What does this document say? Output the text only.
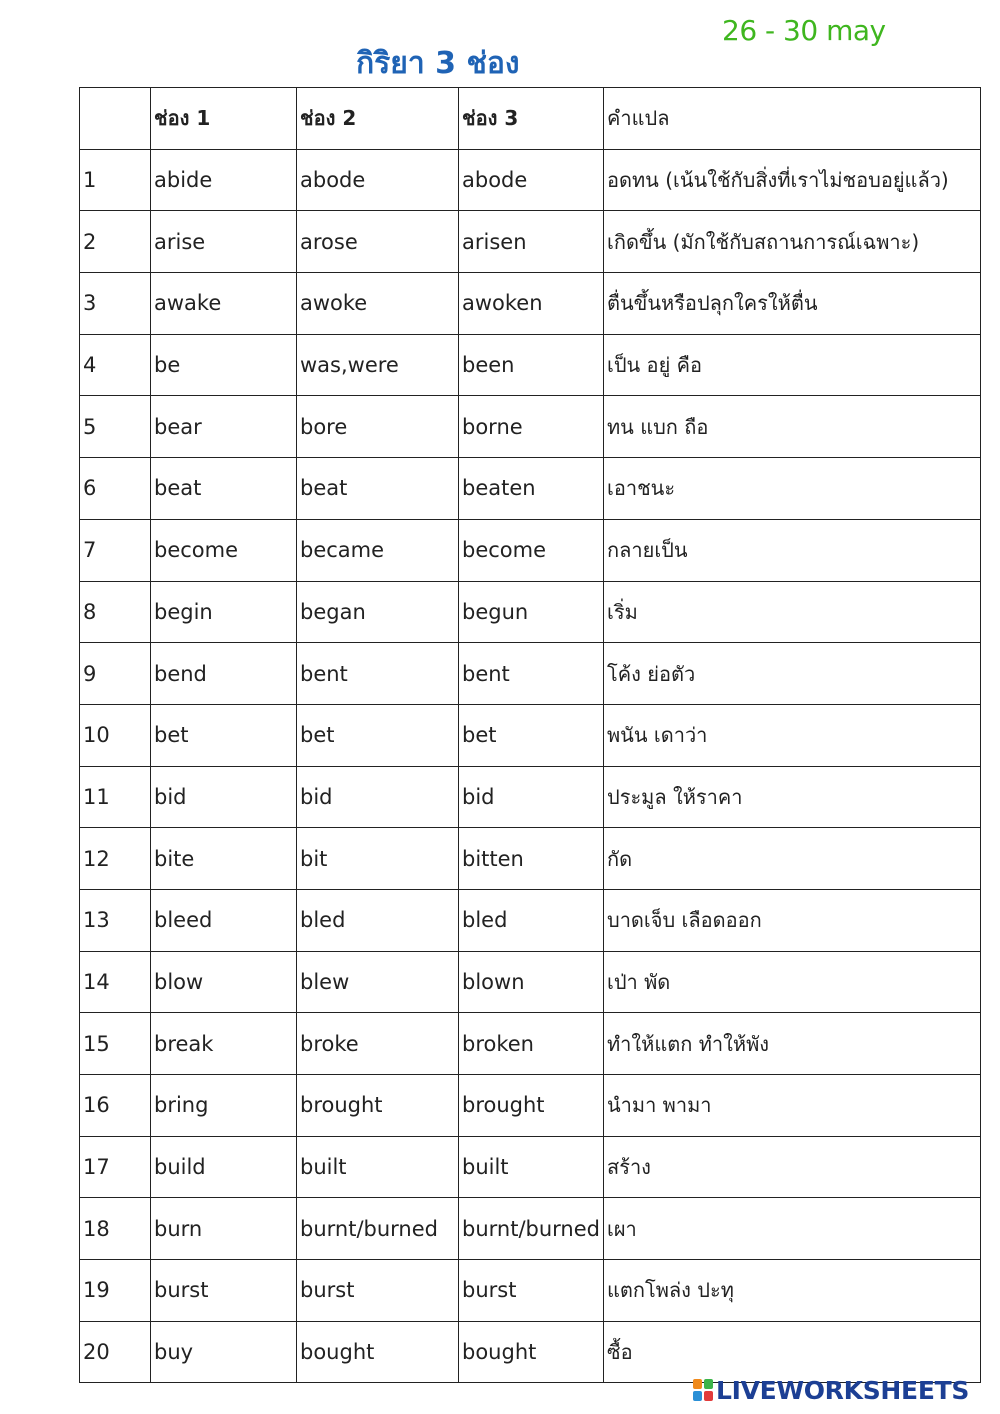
26 - 30 may
กิริยา 3 ช่อง
	ช่อง 1	ช่อง 2	ช่อง 3	คำแปล
1	abide	abode	abode	อดทน (เน้นใช้กับสิ่งที่เราไม่ชอบอยู่แล้ว)
2	arise	arose	arisen	เกิดขึ้น (มักใช้กับสถานการณ์เฉพาะ)
3	awake	awoke	awoken	ตื่นขึ้นหรือปลุกใครให้ตื่น
4	be	was,were	been	เป็น อยู่ คือ
5	bear	bore	borne	ทน แบก ถือ
6	beat	beat	beaten	เอาชนะ
7	become	became	become	กลายเป็น
8	begin	began	begun	เริ่ม
9	bend	bent	bent	โค้ง ย่อตัว
10	bet	bet	bet	พนัน เดาว่า
11	bid	bid	bid	ประมูล ให้ราคา
12	bite	bit	bitten	กัด
13	bleed	bled	bled	บาดเจ็บ เลือดออก
14	blow	blew	blown	เป่า พัด
15	break	broke	broken	ทำให้แตก ทำให้พัง
16	bring	brought	brought	นำมา พามา
17	build	built	built	สร้าง
18	burn	burnt/burned	burnt/burned	เผา
19	burst	burst	burst	แตกโพล่ง ปะทุ
20	buy	bought	bought	ซื้อ
LIVEWORKSHEETS
